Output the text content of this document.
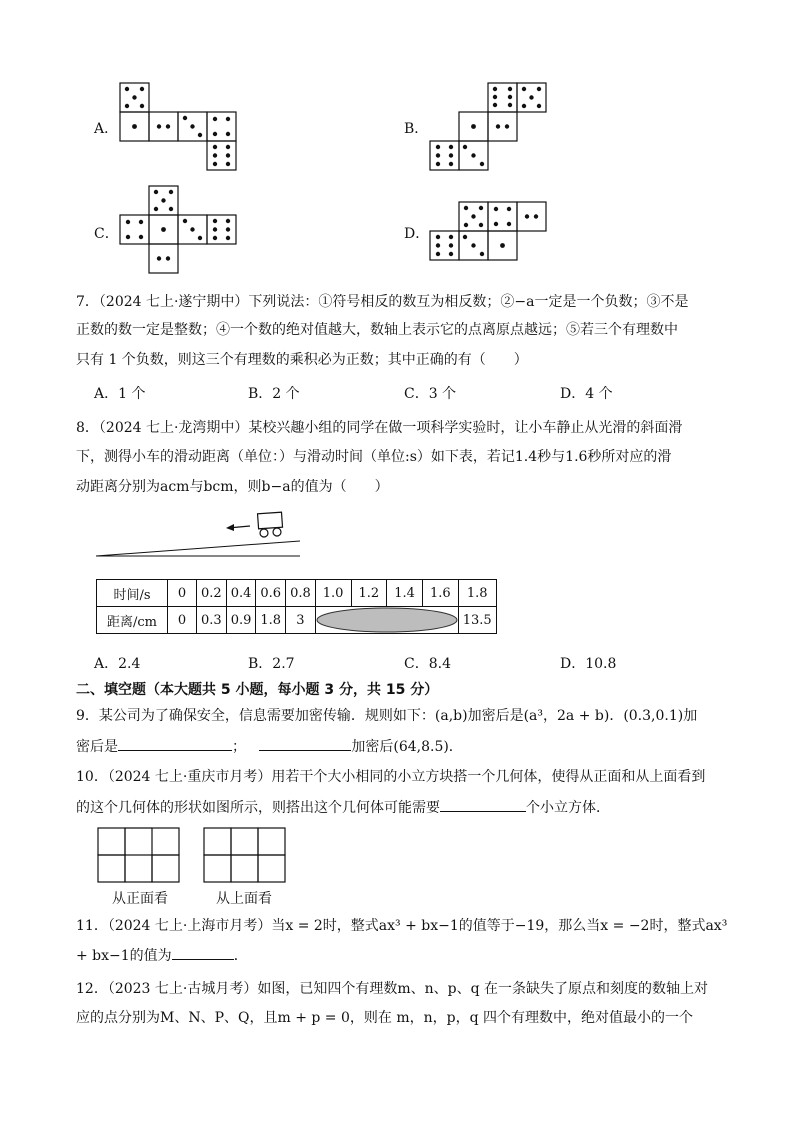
A．	B．
C．	D．
7．（2024 七上·遂宁期中）下列说法：①符号相反的数互为相反数；②−a一定是一个负数；③不是
正数的数一定是整数；④一个数的绝对值越大，数轴上表示它的点离原点越远；⑤若三个有理数中
只有 1 个负数，则这三个有理数的乘积必为正数；其中正确的有（　　）
A．1 个	B．2 个	C．3 个	D．4 个
8．（2024 七上·龙湾期中）某校兴趣小组的同学在做一项科学实验时，让小车静止从光滑的斜面滑
下，测得小车的滑动距离（单位：）与滑动时间（单位:s）如下表，若记1.4秒与1.6秒所对应的滑
动距离分别为acm与bcm，则b−a的值为（　　）
时间/s	0	0.2	0.4	0.6	0.8	1.0	1.2	1.4	1.6	1.8
距离/cm	0	0.3	0.9	1.8	3					13.5
A．2.4	B．2.7	C．8.4	D．10.8
二、填空题（本大题共 5 小题，每小题 3 分，共 15 分）
9．某公司为了确保安全，信息需要加密传输．规则如下：(a,b)加密后是(a³，2a + b)．(0.3,0.1)加
密后是	；	加密后(64,8.5)．
10．（2024 七上·重庆市月考）用若干个大小相同的小立方块搭一个几何体，使得从正面和从上面看到
的这个几何体的形状如图所示，则搭出这个几何体可能需要	个小立方体．
从正面看	从上面看
11．（2024 七上·上海市月考）当x = 2时，整式ax³ + bx−1的值等于−19，那么当x = −2时，整式ax³
+ bx−1的值为	．
12．（2023 七上·古城月考）如图，已知四个有理数m、n、p、q 在一条缺失了原点和刻度的数轴上对
应的点分别为M、N、P、Q，且m + p = 0，则在 m，n，p，q 四个有理数中，绝对值最小的一个
